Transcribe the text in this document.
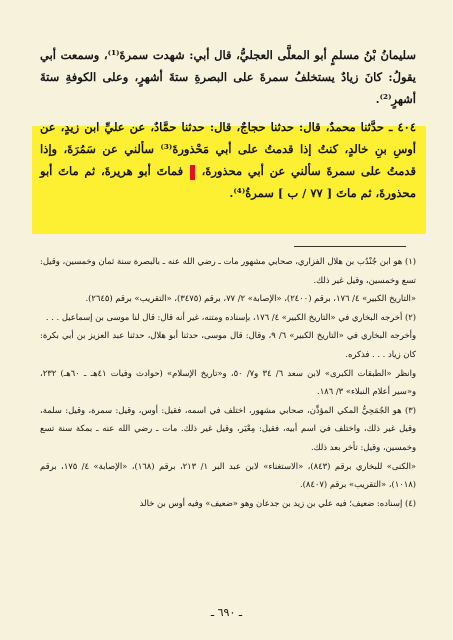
سليمانُ بْنُ مسلمٍ أبو المعلَّى العجليُّ، قال أبي: شهدت سمرةَ⁽¹⁾، وسمعت أبي يقولُ: كانَ زيادٌ يستخلفُ سمرةَ على البصرةِ ستةَ أشهرٍ، وعلى الكوفةِ ستةَ أشهرٍ⁽²⁾.

٤٠٤ ـ حدَّثنا محمدٌ، قال: حدثنا حجاجٌ، قال: حدثنا حمَّادٌ، عن عليِّ ابن زيدٍ، عن أوسِ بنِ خالدٍ، كنتُ إذا قدمتُ على أبي مَحْذورةَ⁽³⁾ سألني عن سَمُرَةَ، وإذا قدمتُ على سمرةَ سألني عن أبي محذورةَ،  فماتَ أبو هريرةَ، ثم ماتَ أبو محذورةَ، ثم ماتَ [ ٧٧ / ب ] سمرةُ⁽⁴⁾.

(١) هو ابن جُنْدُب بن هلال الفزاري، صحابي مشهور مات ـ رضي الله عنه ـ بالبصرة سنة ثمان وخمسين، وقيل: تسع وخمسين، وقيل غير ذلك.

«التاريخ الكبير» ٤/ ١٧٦، برقم (٢٤٠٠)، «الإصابة» ٢/ ٧٧، برقم (٣٤٧٥)، «التقريب» برقم (٢٦٤٥).

(٢) أخرجه البخاري في «التاريخ الكبير» ٤/ ١٧٦، بإسناده ومتنه، غير أنه قال: قال لنا موسى بن إسماعيل . . .

وأخرجه البخاري في «التاريخ الكبير» ٦/ ٩، وقال: قال موسى، حدثنا أبو هلال، حدثنا عبد العزيز بن أبي بكرة: كان زياد . . . فذكره.

وانظر «الطبقات الكبرى» لابن سعد ٦/ ٣٤ و٧/ ٥٠، و«تاريخ الإسلام» (حوادث وفيات ٤١هـ ـ ٦٠هـ) ٢٣٢، و«سير أعلام النبلاء» ٣/ ١٨٦.

(٣) هو الجُمَحِيُّ المكي المؤذِّن، صحابي مشهور، اختلف في اسمه، فقيل: أوس، وقيل: سمرة، وقيل: سلمة، وقيل غير ذلك، واختلف في اسم أبيه، فقيل: مِعْيَر، وقيل غير ذلك. مات ـ رضي الله عنه ـ بمكة سنة تسع وخمسين، وقيل: تأخر بعد ذلك.

«الكنى» للبخاري برقم (٨٤٣)، «الاستغناء» لابن عبد البر ١/ ٢١٣، برقم (١٦٨)، «الإصابة» ٤/ ١٧٥، برقم (١٠١٨)، «التقريب» برقم (٨٤٠٧).

(٤) إسناده: ضعيف؛ فيه علي بن زيد بن جدعان وهو «ضعيف» وفيه أوس بن خالد

ـ ٦٩٠ ـ
